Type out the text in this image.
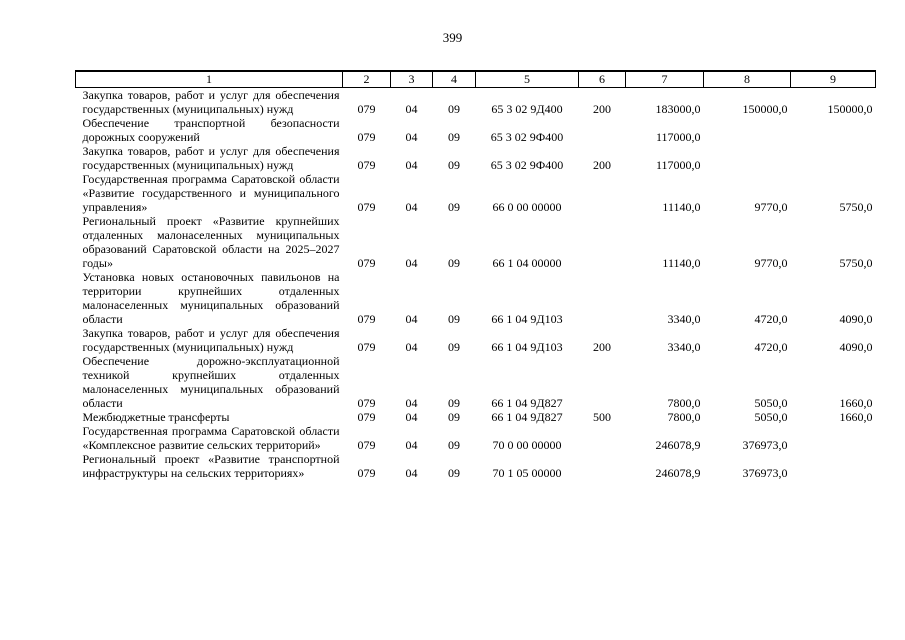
399
1	2	3	4	5	6	7	8	9
Закупка товаров, работ и услуг для обеспечения государственных (муниципальных) нужд	079	04	09	65 3 02 9Д400	200	183000,0	150000,0	150000,0
Обеспечение транспортной безопасности дорожных сооружений	079	04	09	65 3 02 9Ф400		117000,0		
Закупка товаров, работ и услуг для обеспечения государственных (муниципальных) нужд	079	04	09	65 3 02 9Ф400	200	117000,0		
Государственная программа Саратовской области «Развитие государственного и муниципального управления»	079	04	09	66 0 00 00000		11140,0	9770,0	5750,0
Региональный проект «Развитие крупнейших отдаленных малонаселенных муниципальных образований Саратовской области на 2025–2027 годы»	079	04	09	66 1 04 00000		11140,0	9770,0	5750,0
Установка новых остановочных павильонов на территории крупнейших отдаленных малонаселенных муниципальных образований области	079	04	09	66 1 04 9Д103		3340,0	4720,0	4090,0
Закупка товаров, работ и услуг для обеспечения государственных (муниципальных) нужд	079	04	09	66 1 04 9Д103	200	3340,0	4720,0	4090,0
Обеспечение дорожно-эксплуатационной техникой крупнейших отдаленных малонаселенных муниципальных образований области	079	04	09	66 1 04 9Д827		7800,0	5050,0	1660,0
Межбюджетные трансферты	079	04	09	66 1 04 9Д827	500	7800,0	5050,0	1660,0
Государственная программа Саратовской области «Комплексное развитие сельских территорий»	079	04	09	70 0 00 00000		246078,9	376973,0	
Региональный проект «Развитие транспортной инфраструктуры на сельских территориях»	079	04	09	70 1 05 00000		246078,9	376973,0	
